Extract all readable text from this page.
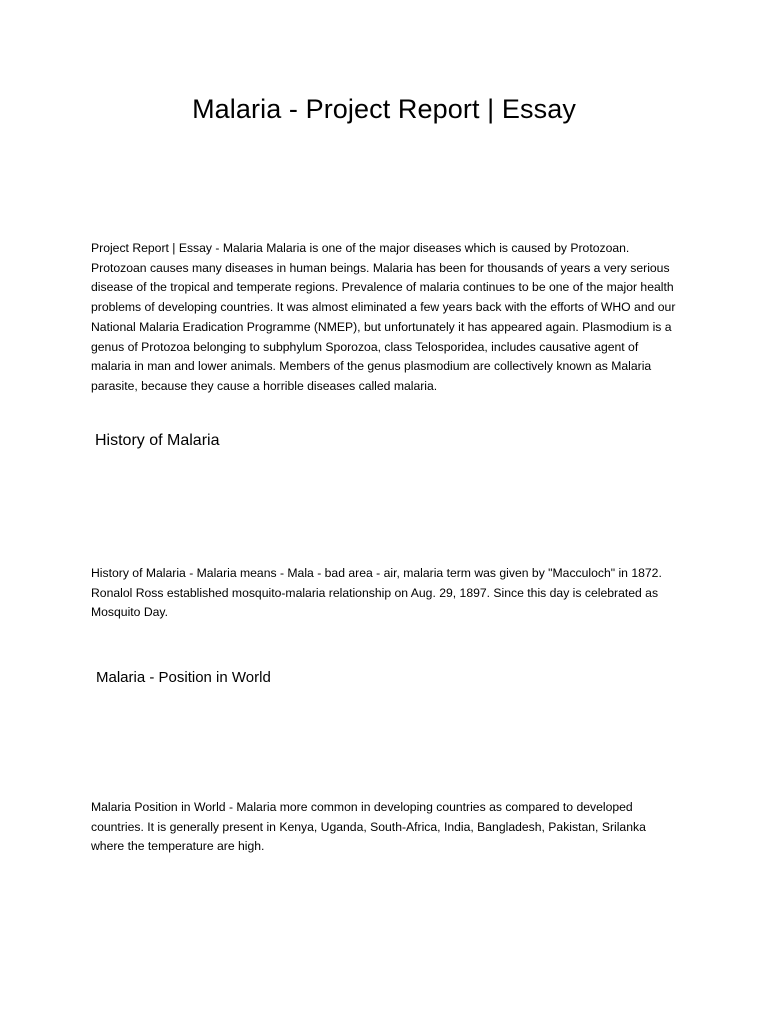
Malaria - Project Report | Essay

Project Report | Essay - Malaria Malaria is one of the major diseases which is caused by Protozoan. Protozoan causes many diseases in human beings. Malaria has been for thousands of years a very serious disease of the tropical and temperate regions. Prevalence of malaria continues to be one of the major health problems of developing countries. It was almost eliminated a few years back with the efforts of WHO and our National Malaria Eradication Programme (NMEP), but unfortunately it has appeared again. Plasmodium is a genus of Protozoa belonging to subphylum Sporozoa, class Telosporidea, includes causative agent of malaria in man and lower animals. Members of the genus plasmodium are collectively known as Malaria parasite, because they cause a horrible diseases called malaria.

History of Malaria

History of Malaria - Malaria means - Mala - bad area - air, malaria term was given by "Macculoch" in 1872. Ronalol Ross established mosquito-malaria relationship on Aug. 29, 1897. Since this day is celebrated as Mosquito Day.

Malaria - Position in World

Malaria Position in World - Malaria more common in developing countries as compared to developed countries. It is generally present in Kenya, Uganda, South-Africa, India, Bangladesh, Pakistan, Srilanka where the temperature are high.
